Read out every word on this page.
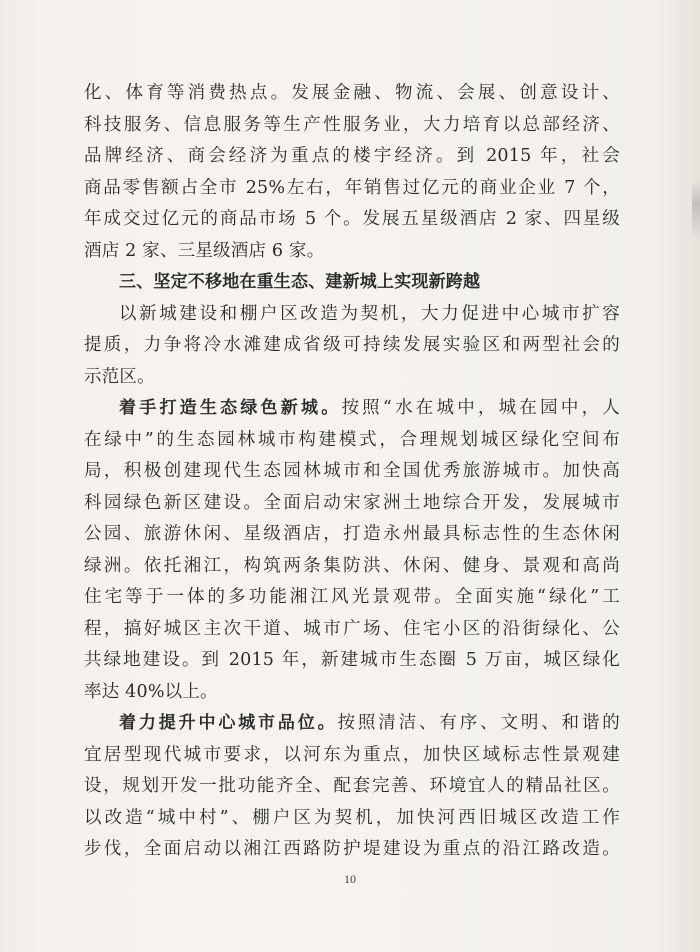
化、体育等消费热点。发展金融、物流、会展、创意设计、
科技服务、信息服务等生产性服务业，大力培育以总部经济、
品牌经济、商会经济为重点的楼宇经济。到 2015 年，社会
商品零售额占全市 25%左右，年销售过亿元的商业企业 7 个，
年成交过亿元的商品市场 5 个。发展五星级酒店 2 家、四星级
酒店 2 家、三星级酒店 6 家。
三、坚定不移地在重生态、建新城上实现新跨越
以新城建设和棚户区改造为契机，大力促进中心城市扩容
提质，力争将冷水滩建成省级可持续发展实验区和两型社会的
示范区。
着手打造生态绿色新城。按照“水在城中，城在园中，人
在绿中”的生态园林城市构建模式，合理规划城区绿化空间布
局，积极创建现代生态园林城市和全国优秀旅游城市。加快高
科园绿色新区建设。全面启动宋家洲土地综合开发，发展城市
公园、旅游休闲、星级酒店，打造永州最具标志性的生态休闲
绿洲。依托湘江，构筑两条集防洪、休闲、健身、景观和高尚
住宅等于一体的多功能湘江风光景观带。全面实施“绿化”工
程，搞好城区主次干道、城市广场、住宅小区的沿街绿化、公
共绿地建设。到 2015 年，新建城市生态圈 5 万亩，城区绿化
率达 40%以上。
着力提升中心城市品位。按照清洁、有序、文明、和谐的
宜居型现代城市要求，以河东为重点，加快区域标志性景观建
设，规划开发一批功能齐全、配套完善、环境宜人的精品社区。
以改造“城中村”、棚户区为契机，加快河西旧城区改造工作
步伐，全面启动以湘江西路防护堤建设为重点的沿江路改造。
10
